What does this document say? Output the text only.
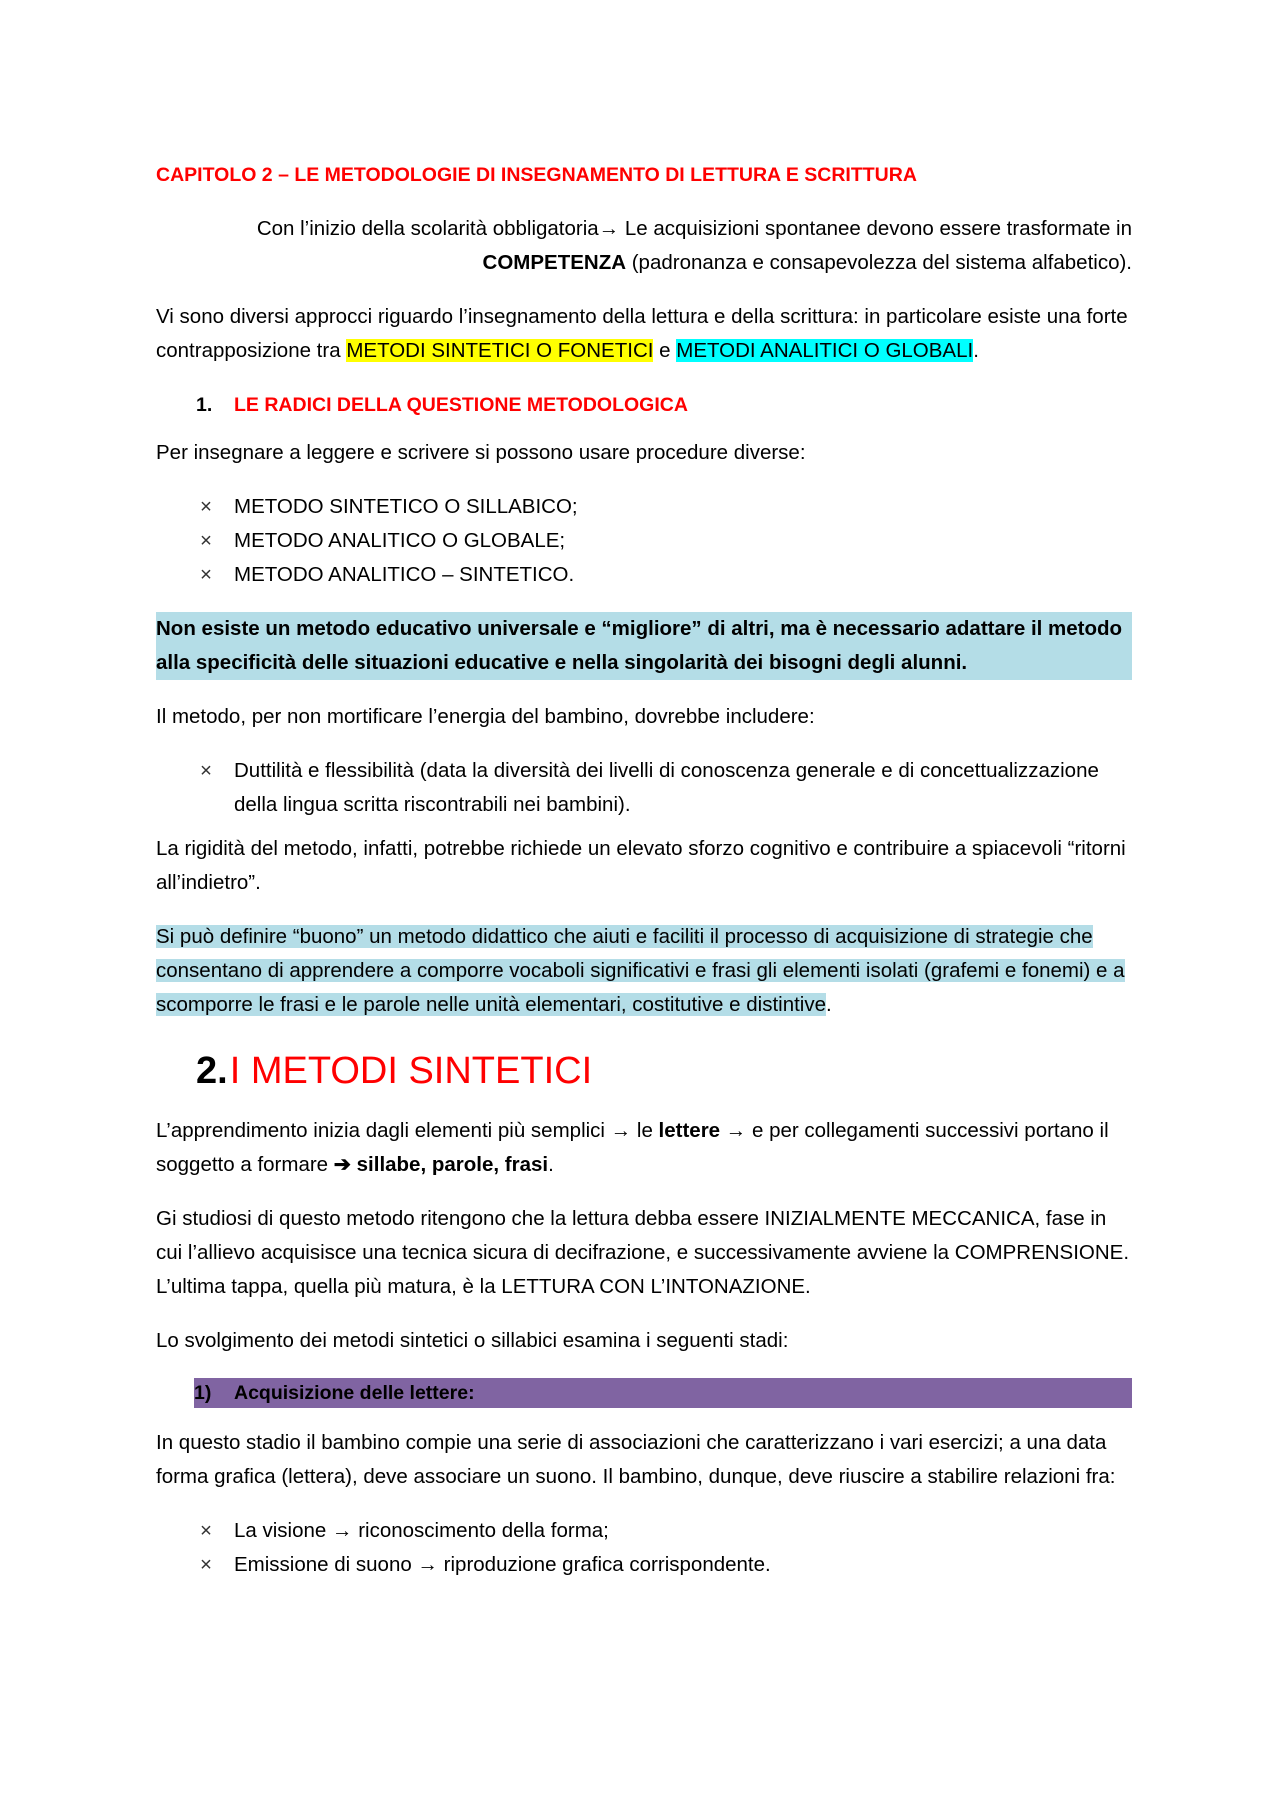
CAPITOLO 2 – LE METODOLOGIE DI INSEGNAMENTO DI LETTURA E SCRITTURA

Con l’inizio della scolarità obbligatoria→ Le acquisizioni spontanee devono essere trasformate in
COMPETENZA (padronanza e consapevolezza del sistema alfabetico).

Vi sono diversi approcci riguardo l’insegnamento della lettura e della scrittura: in particolare esiste una forte contrapposizione tra METODI SINTETICI O FONETICI e METODI ANALITICI O GLOBALI.

1.	LE RADICI DELLA QUESTIONE METODOLOGICA

Per insegnare a leggere e scrivere si possono usare procedure diverse:

× METODO SINTETICO O SILLABICO;
× METODO ANALITICO O GLOBALE;
× METODO ANALITICO – SINTETICO.

Non esiste un metodo educativo universale e “migliore” di altri, ma è necessario adattare il metodo alla specificità delle situazioni educative e nella singolarità dei bisogni degli alunni.

Il metodo, per non mortificare l’energia del bambino, dovrebbe includere:

× Duttilità e flessibilità (data la diversità dei livelli di conoscenza generale e di concettualizzazione della lingua scritta riscontrabili nei bambini).

La rigidità del metodo, infatti, potrebbe richiede un elevato sforzo cognitivo e contribuire a spiacevoli “ritorni all’indietro”.

Si può definire “buono” un metodo didattico che aiuti e faciliti il processo di acquisizione di strategie che consentano di apprendere a comporre vocaboli significativi e frasi gli elementi isolati (grafemi e fonemi) e a scomporre le frasi e le parole nelle unità elementari, costitutive e distintive.

2. I METODI SINTETICI

L’apprendimento inizia dagli elementi più semplici → le lettere → e per collegamenti successivi portano il soggetto a formare ➔ sillabe, parole, frasi.

Gi studiosi di questo metodo ritengono che la lettura debba essere INIZIALMENTE MECCANICA, fase in cui l’allievo acquisisce una tecnica sicura di decifrazione, e successivamente avviene la COMPRENSIONE. L’ultima tappa, quella più matura, è la LETTURA CON L’INTONAZIONE.

Lo svolgimento dei metodi sintetici o sillabici esamina i seguenti stadi:

1)	Acquisizione delle lettere:

In questo stadio il bambino compie una serie di associazioni che caratterizzano i vari esercizi; a una data forma grafica (lettera), deve associare un suono. Il bambino, dunque, deve riuscire a stabilire relazioni fra:

× La visione → riconoscimento della forma;
× Emissione di suono → riproduzione grafica corrispondente.
